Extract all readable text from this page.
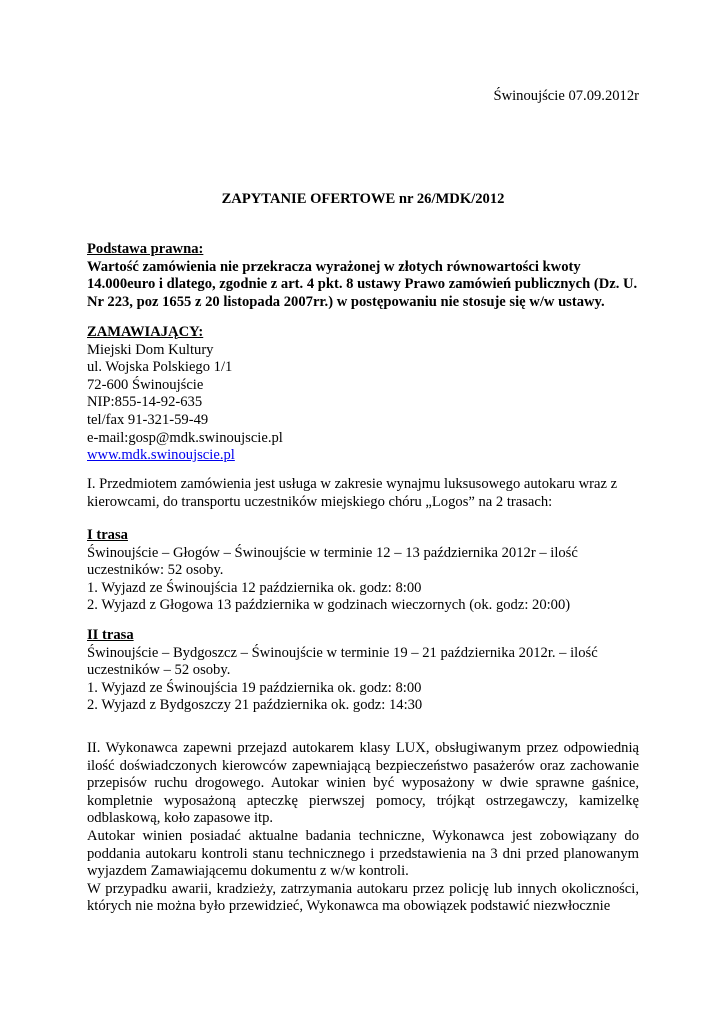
Świnoujście 07.09.2012r
ZAPYTANIE OFERTOWE nr 26/MDK/2012
Podstawa prawna:
Wartość zamówienia nie przekracza wyrażonej w złotych równowartości kwoty
14.000euro i dlatego, zgodnie z art. 4 pkt. 8 ustawy Prawo zamówień publicznych (Dz. U.
Nr 223, poz 1655 z 20 listopada 2007rr.) w postępowaniu nie stosuje się w/w ustawy.
ZAMAWIAJĄCY:
Miejski Dom Kultury
ul. Wojska Polskiego 1/1
72-600 Świnoujście
NIP:855-14-92-635
tel/fax 91-321-59-49
e-mail:gosp@mdk.swinoujscie.pl
www.mdk.swinoujscie.pl
I. Przedmiotem zamówienia jest usługa w zakresie wynajmu luksusowego autokaru wraz z
kierowcami, do transportu uczestników miejskiego chóru „Logos” na 2 trasach:
I trasa
Świnoujście – Głogów – Świnoujście w terminie 12 – 13 października 2012r – ilość
uczestników: 52 osoby.
1. Wyjazd ze Świnoujścia 12 października ok. godz: 8:00
2. Wyjazd z Głogowa 13 października w godzinach wieczornych (ok. godz: 20:00)
II trasa
Świnoujście – Bydgoszcz – Świnoujście w terminie 19 – 21 października 2012r. – ilość
uczestników – 52 osoby.
1. Wyjazd ze Świnoujścia 19 października ok. godz: 8:00
2. Wyjazd z Bydgoszczy 21 października ok. godz: 14:30

II. Wykonawca zapewni przejazd autokarem klasy LUX, obsługiwanym przez odpowiednią ilość doświadczonych kierowców zapewniającą bezpieczeństwo pasażerów oraz zachowanie przepisów ruchu drogowego. Autokar winien być wyposażony w dwie sprawne gaśnice, kompletnie wyposażoną apteczkę pierwszej pomocy, trójkąt ostrzegawczy, kamizelkę odblaskową, koło zapasowe itp.

Autokar winien posiadać aktualne badania techniczne, Wykonawca jest zobowiązany do poddania autokaru kontroli stanu technicznego i przedstawienia na 3 dni przed planowanym wyjazdem Zamawiającemu dokumentu z w/w kontroli.

W przypadku awarii, kradzieży, zatrzymania autokaru przez policję lub innych okoliczności, których nie można było przewidzieć, Wykonawca ma obowiązek podstawić niezwłocznie
